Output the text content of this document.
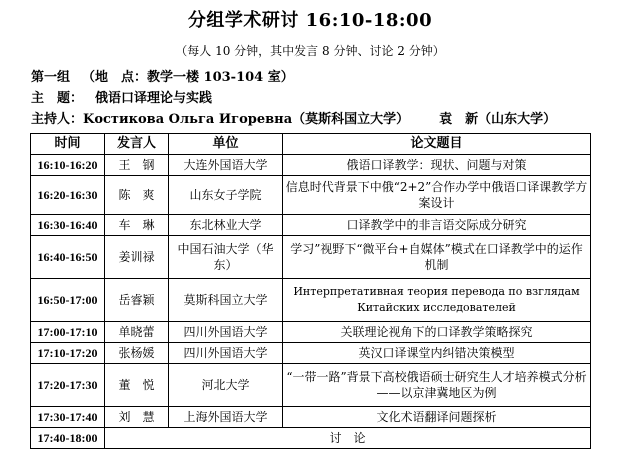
分组学术研讨 16:10-18:00
（每人 10 分钟，其中发言 8 分钟、讨论 2 分钟）
第一组 （地　点：教学一楼 103-104 室）
主　题： 俄语口译理论与实践
主持人：Kостикова Ольга Игоревна（莫斯科国立大学） 袁　新（山东大学）
时间	发言人	单位	论文题目
16:10-16:20	王　钢	大连外国语大学	俄语口译教学：现状、问题与对策
16:20-16:30	陈　爽	山东女子学院	信息时代背景下中俄“2+2”合作办学中俄语口译课教学方案设计
16:30-16:40	车　琳	东北林业大学	口译教学中的非言语交际成分研究
16:40-16:50	姜训禄	中国石油大学（华东）	学习”视野下“微平台+自媒体”模式在口译教学中的运作机制
16:50-17:00	岳睿颖	莫斯科国立大学	Интерпретативная теория перевода по взглядам Китайских исследователей
17:00-17:10	单晓蕾	四川外国语大学	关联理论视角下的口译教学策略探究
17:10-17:20	张杨媛	四川外国语大学	英汉口译课堂内纠错决策模型
17:20-17:30	董　悦	河北大学	“一带一路”背景下高校俄语硕士研究生人才培养模式分析——以京津冀地区为例
17:30-17:40	刘　慧	上海外国语大学	文化术语翻译问题探析
17:40-18:00	讨　论		
